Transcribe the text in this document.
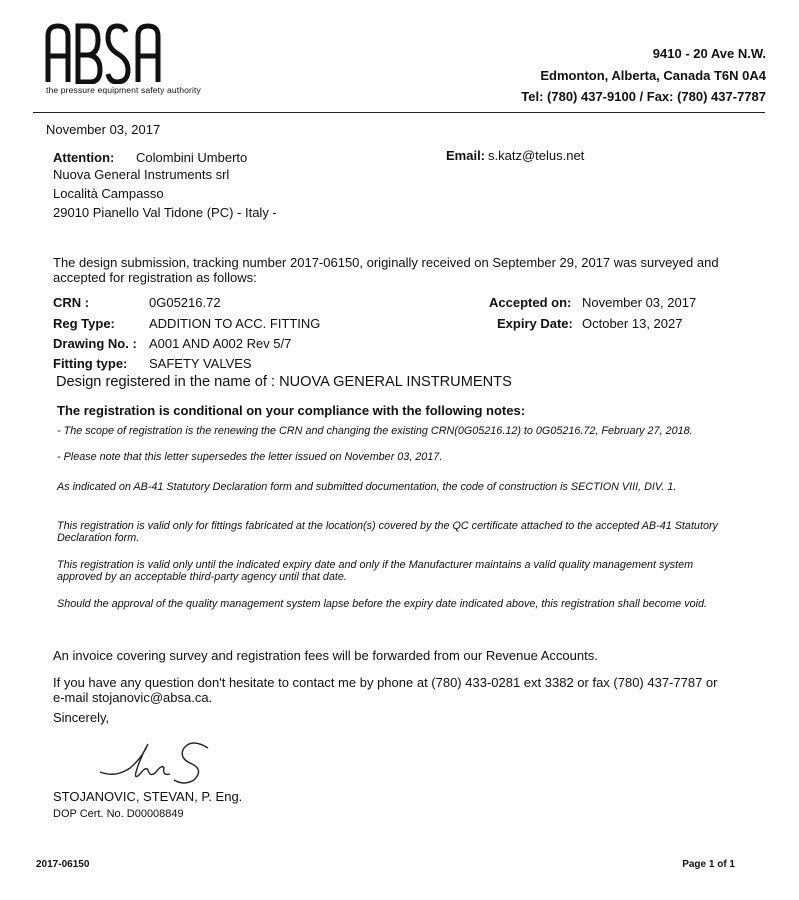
the pressure equipment safety authority
9410 - 20 Ave N.W.
Edmonton, Alberta, Canada T6N 0A4
Tel: (780) 437-9100 / Fax: (780) 437-7787
November 03, 2017
Attention: Colombini Umberto	Email: s.katz@telus.net
Nuova General Instruments srl
Località Campasso
29010 Pianello Val Tidone (PC) - Italy -
The design submission, tracking number 2017-06150, originally received on September 29, 2017 was surveyed and accepted for registration as follows:
CRN :	0G05216.72	Accepted on: November 03, 2017
Reg Type:	ADDITION TO ACC. FITTING	Expiry Date: October 13, 2027
Drawing No. : A001 AND A002 Rev 5/7
Fitting type: SAFETY VALVES
Design registered in the name of : NUOVA GENERAL INSTRUMENTS
The registration is conditional on your compliance with the following notes:
- The scope of registration is the renewing the CRN and changing the existing CRN(0G05216.12) to 0G05216.72, February 27, 2018.
- Please note that this letter supersedes the letter issued on November 03, 2017.
As indicated on AB-41 Statutory Declaration form and submitted documentation, the code of construction is SECTION VIII, DIV. 1.
This registration is valid only for fittings fabricated at the location(s) covered by the QC certificate attached to the accepted AB-41 Statutory Declaration form.
This registration is valid only until the indicated expiry date and only if the Manufacturer maintains a valid quality management system approved by an acceptable third-party agency until that date.
Should the approval of the quality management system lapse before the expiry date indicated above, this registration shall become void.
An invoice covering survey and registration fees will be forwarded from our Revenue Accounts.
If you have any question don't hesitate to contact me by phone at (780) 433-0281 ext 3382 or fax (780) 437-7787 or e-mail stojanovic@absa.ca.
Sincerely,
STOJANOVIC, STEVAN, P. Eng.
DOP Cert. No. D00008849
2017-06150	Page 1 of 1
